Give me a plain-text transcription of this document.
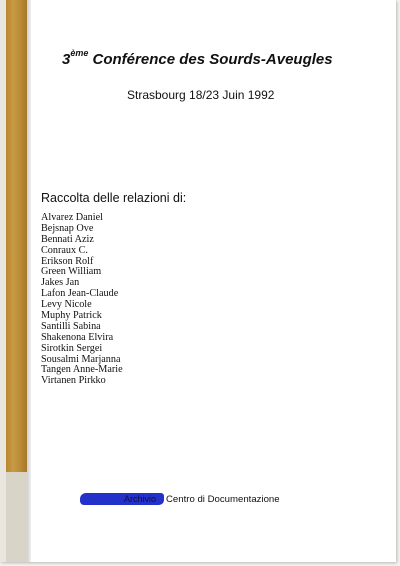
3ème Conférence des Sourds-Aveugles
Strasbourg 18/23 Juin 1992
Raccolta delle relazioni di:
Alvarez Daniel
Bejsnap Ove
Bennati Aziz
Conraux C.
Erikson Rolf
Green William
Jakes Jan
Lafon Jean-Claude
Levy Nicole
Muphy Patrick
Santilli Sabina
Shakenona Elvira
Sirotkin Sergei
Sousalmi Marjanna
Tangen Anne-Marie
Virtanen Pirkko
Archivio Centro di Documentazione
